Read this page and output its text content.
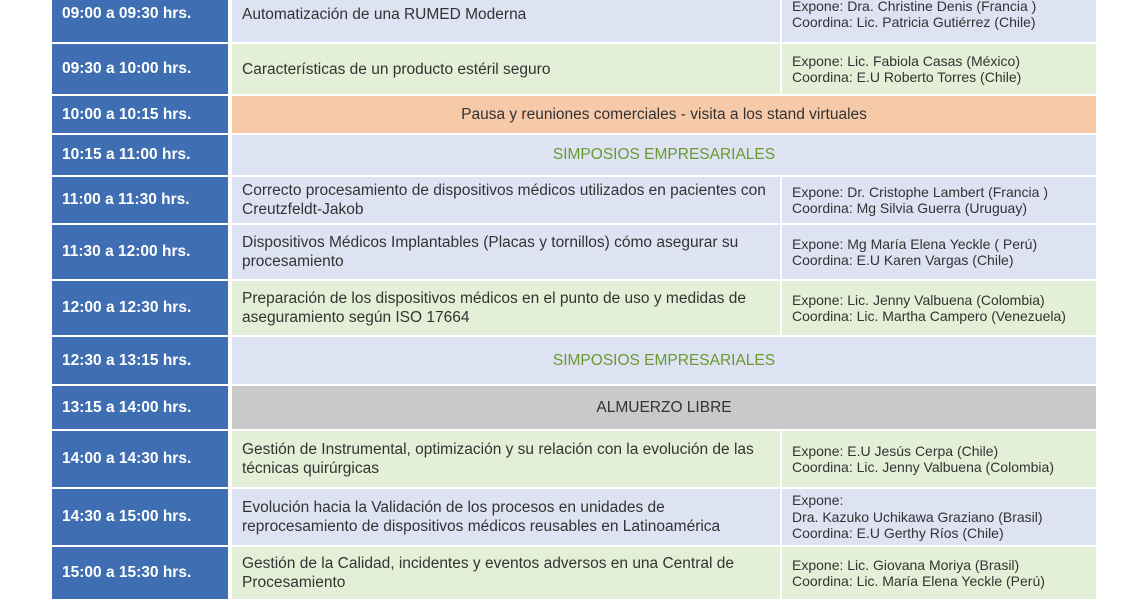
09:00 a 09:30 hrs.		Automatización de una RUMED Moderna	Expone: Dra. Christine Denis (Francia )
Coordina: Lic. Patricia Gutiérrez (Chile)

09:30 a 10:00 hrs.		Características de un producto estéril seguro	Expone: Lic. Fabiola Casas (México)
Coordina: E.U Roberto Torres (Chile)

10:00 a 10:15 hrs.		Pausa y reuniones comerciales - visita a los stand virtuales	
10:15 a 11:00 hrs.		SIMPOSIOS EMPRESARIALES	
11:00 a 11:30 hrs.		Correcto procesamiento de dispositivos médicos utilizados en pacientes con Creutzfeldt-Jakob	Expone: Dr. Cristophe Lambert (Francia )
Coordina: Mg Silvia Guerra (Uruguay)

11:30 a 12:00 hrs.		Dispositivos Médicos Implantables (Placas y tornillos) cómo asegurar su procesamiento	Expone: Mg María Elena Yeckle ( Perú)
Coordina: E.U Karen Vargas (Chile)

12:00 a 12:30 hrs.		Preparación de los dispositivos médicos en el punto de uso y medidas de aseguramiento según ISO 17664	Expone: Lic. Jenny Valbuena (Colombia)
Coordina: Lic. Martha Campero (Venezuela)

12:30 a 13:15 hrs.		SIMPOSIOS EMPRESARIALES	
13:15 a 14:00 hrs.		ALMUERZO LIBRE	
14:00 a 14:30 hrs.		Gestión de Instrumental, optimización y su relación con la evolución de las técnicas quirúrgicas	Expone: E.U Jesús Cerpa (Chile)
Coordina: Lic. Jenny Valbuena (Colombia)

14:30 a 15:00 hrs.		Evolución hacia la Validación de los procesos en unidades de reprocesamiento de dispositivos médicos reusables en Latinoamérica	Expone:
Dra. Kazuko Uchikawa Graziano (Brasil)
Coordina: E.U Gerthy Ríos (Chile)

15:00 a 15:30 hrs.		Gestión de la Calidad, incidentes y eventos adversos en una Central de Procesamiento	Expone: Lic. Giovana Moriya (Brasil)
Coordina: Lic. María Elena Yeckle (Perú)
